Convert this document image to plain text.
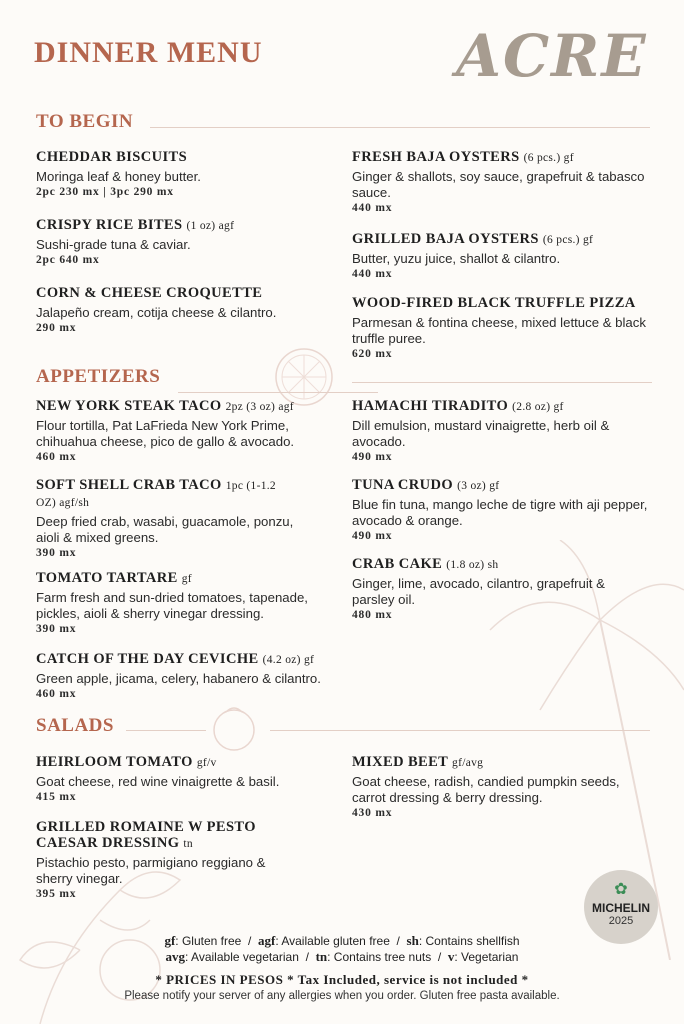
DINNER MENU	ACRE
TO BEGIN
CHEDDAR BISCUITS
Moringa leaf & honey butter.
2pc 230 mx | 3pc 290 mx
CRISPY RICE BITES (1 oz) agf
Sushi-grade tuna & caviar.
2pc 640 mx
CORN & CHEESE CROQUETTE
Jalapeño cream, cotija cheese & cilantro.
290 mx
FRESH BAJA OYSTERS (6 pcs.) gf
Ginger & shallots, soy sauce, grapefruit & tabasco sauce.
440 mx
GRILLED BAJA OYSTERS (6 pcs.) gf
Butter, yuzu juice, shallot & cilantro.
440 mx
WOOD-FIRED BLACK TRUFFLE PIZZA
Parmesan & fontina cheese, mixed lettuce & black truffle puree.
620 mx
APPETIZERS
NEW YORK STEAK TACO 2pz (3 oz) agf
Flour tortilla, Pat LaFrieda New York Prime, chihuahua cheese, pico de gallo & avocado.
460 mx
SOFT SHELL CRAB TACO 1pc (1-1.2 OZ) agf/sh
Deep fried crab, wasabi, guacamole, ponzu, aioli & mixed greens.
390 mx
TOMATO TARTARE gf
Farm fresh and sun-dried tomatoes, tapenade, pickles, aioli & sherry vinegar dressing.
390 mx
CATCH OF THE DAY CEVICHE (4.2 oz) gf
Green apple, jicama, celery, habanero & cilantro.
460 mx
HAMACHI TIRADITO (2.8 oz) gf
Dill emulsion, mustard vinaigrette, herb oil & avocado.
490 mx
TUNA CRUDO (3 oz) gf
Blue fin tuna, mango leche de tigre with aji pepper, avocado & orange.
490 mx
CRAB CAKE (1.8 oz) sh
Ginger, lime, avocado, cilantro, grapefruit & parsley oil.
480 mx
SALADS
HEIRLOOM TOMATO gf/v
Goat cheese, red wine vinaigrette & basil.
415 mx
GRILLED ROMAINE W PESTO CAESAR DRESSING tn
Pistachio pesto, parmigiano reggiano & sherry vinegar.
395 mx
MIXED BEET gf/avg
Goat cheese, radish, candied pumpkin seeds, carrot dressing & berry dressing.
430 mx
✿
MICHELIN
2025
gf: Gluten free  /  agf: Available gluten free  /  sh: Contains shellfish
avg: Available vegetarian  /  tn: Contains tree nuts  /  v: Vegetarian
* PRICES IN PESOS * Tax Included, service is not included *
Please notify your server of any allergies when you order. Gluten free pasta available.
